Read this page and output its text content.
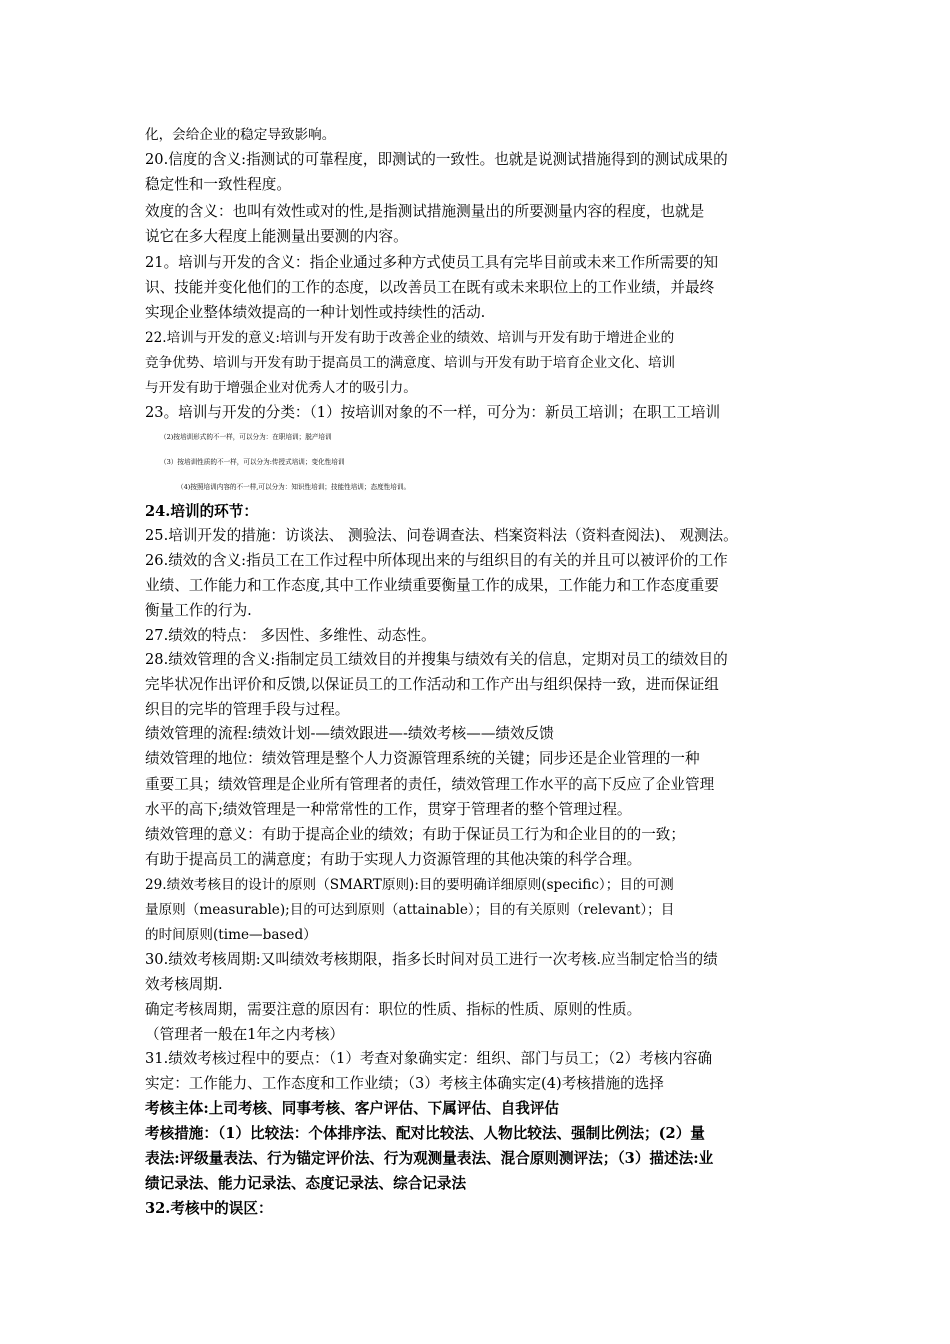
化，会给企业的稳定导致影响。
20.信度的含义:指测试的可靠程度，即测试的一致性。也就是说测试措施得到的测试成果的
稳定性和一致性程度。
效度的含义：也叫有效性或对的性,是指测试措施测量出的所要测量内容的程度，也就是
说它在多大程度上能测量出要测的内容。
21。培训与开发的含义：指企业通过多种方式使员工具有完毕目前或未来工作所需要的知
识、技能并变化他们的工作的态度，以改善员工在既有或未来职位上的工作业绩，并最终
实现企业整体绩效提高的一种计划性或持续性的活动.
22.培训与开发的意义:培训与开发有助于改善企业的绩效、培训与开发有助于增进企业的
竞争优势、培训与开发有助于提高员工的满意度、培训与开发有助于培育企业文化、培训
与开发有助于增强企业对优秀人才的吸引力。
23。培训与开发的分类：（1）按培训对象的不一样，可分为：新员工培训；在职工工培训
（2)按培训形式的不一样，可以分为：在职培训；脱产培训
（3）按培训性质的不一样，可以分为:传授式培训；变化性培训
（4)按照培训内容的不一样,可以分为：知识性培训；技能性培训；态度性培训。
24.培训的环节：
25.培训开发的措施：访谈法、 测验法、问卷调查法、档案资料法（资料查阅法)、 观测法。
26.绩效的含义:指员工在工作过程中所体现出来的与组织目的有关的并且可以被评价的工作
业绩、工作能力和工作态度,其中工作业绩重要衡量工作的成果，工作能力和工作态度重要
衡量工作的行为.
27.绩效的特点： 多因性、多维性、动态性。
28.绩效管理的含义:指制定员工绩效目的并搜集与绩效有关的信息，定期对员工的绩效目的
完毕状况作出评价和反馈,以保证员工的工作活动和工作产出与组织保持一致，进而保证组
织目的完毕的管理手段与过程。
绩效管理的流程:绩效计划-—绩效跟进—-绩效考核——绩效反馈
绩效管理的地位：绩效管理是整个人力资源管理系统的关键；同步还是企业管理的一种
重要工具；绩效管理是企业所有管理者的责任，绩效管理工作水平的高下反应了企业管理
水平的高下;绩效管理是一种常常性的工作，贯穿于管理者的整个管理过程。
绩效管理的意义：有助于提高企业的绩效；有助于保证员工行为和企业目的的一致；
有助于提高员工的满意度；有助于实现人力资源管理的其他决策的科学合理。
29.绩效考核目的设计的原则（SMART原则):目的要明确详细原则(specific）；目的可测
量原则（measurable);目的可达到原则（attainable）；目的有关原则（relevant）；目
的时间原则(time—based）
30.绩效考核周期:又叫绩效考核期限，指多长时间对员工进行一次考核.应当制定恰当的绩
效考核周期.
确定考核周期，需要注意的原因有：职位的性质、指标的性质、原则的性质。
（管理者一般在1年之内考核）
31.绩效考核过程中的要点：（1）考查对象确实定：组织、部门与员工；（2）考核内容确
实定：工作能力、工作态度和工作业绩；（3）考核主体确实定(4)考核措施的选择
考核主体:上司考核、同事考核、客户评估、下属评估、自我评估
考核措施：（1）比较法：个体排序法、配对比较法、人物比较法、强制比例法；(2）量
表法:评级量表法、行为锚定评价法、行为观测量表法、混合原则测评法；（3）描述法:业
绩记录法、能力记录法、态度记录法、综合记录法
32.考核中的误区：
